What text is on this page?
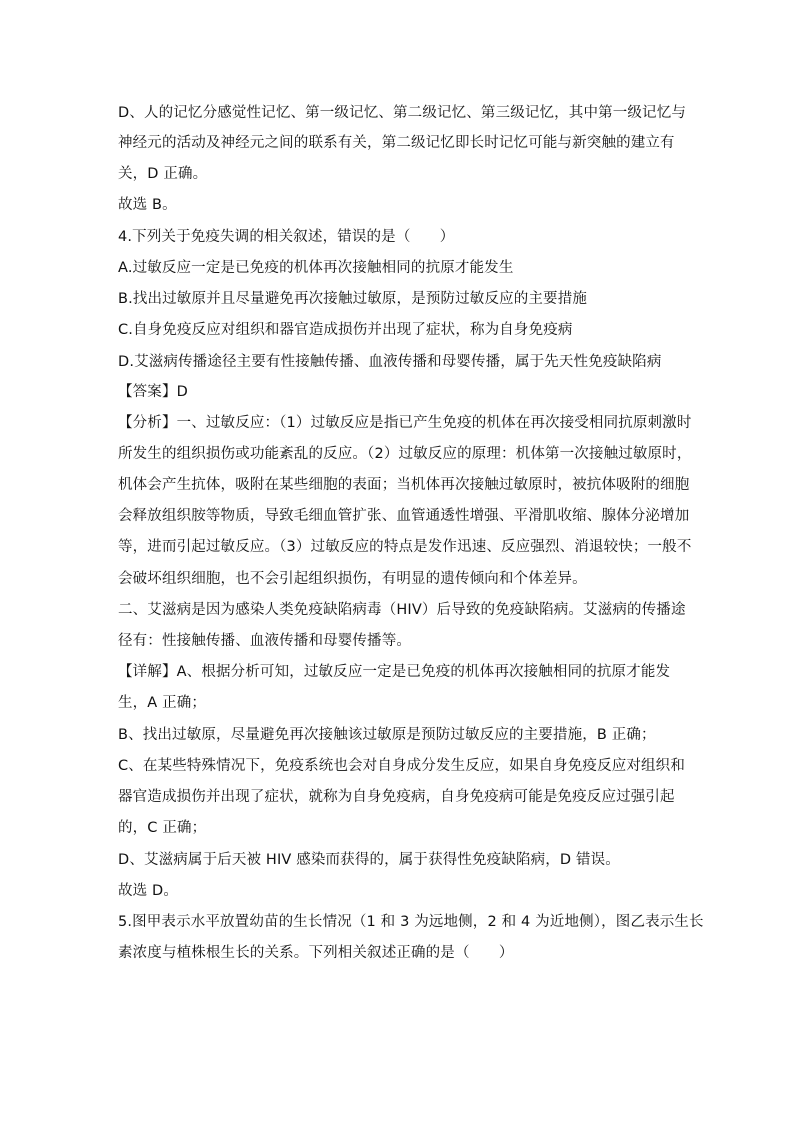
D、人的记忆分感觉性记忆、第一级记忆、第二级记忆、第三级记忆，其中第一级记忆与
神经元的活动及神经元之间的联系有关，第二级记忆即长时记忆可能与新突触的建立有
关，D 正确。
故选 B。
4.下列关于免疫失调的相关叙述，错误的是（　　）
A.过敏反应一定是已免疫的机体再次接触相同的抗原才能发生
B.找出过敏原并且尽量避免再次接触过敏原，是预防过敏反应的主要措施
C.自身免疫反应对组织和器官造成损伤并出现了症状，称为自身免疫病
D.艾滋病传播途径主要有性接触传播、血液传播和母婴传播，属于先天性免疫缺陷病
【答案】D
【分析】一、过敏反应：（1）过敏反应是指已产生免疫的机体在再次接受相同抗原刺激时
所发生的组织损伤或功能紊乱的反应。（2）过敏反应的原理：机体第一次接触过敏原时，
机体会产生抗体，吸附在某些细胞的表面；当机体再次接触过敏原时，被抗体吸附的细胞
会释放组织胺等物质，导致毛细血管扩张、血管通透性增强、平滑肌收缩、腺体分泌增加
等，进而引起过敏反应。（3）过敏反应的特点是发作迅速、反应强烈、消退较快；一般不
会破坏组织细胞，也不会引起组织损伤，有明显的遗传倾向和个体差异。
二、艾滋病是因为感染人类免疫缺陷病毒（HIV）后导致的免疫缺陷病。艾滋病的传播途
径有：性接触传播、血液传播和母婴传播等。
【详解】A、根据分析可知，过敏反应一定是已免疫的机体再次接触相同的抗原才能发
生，A 正确；
B、找出过敏原，尽量避免再次接触该过敏原是预防过敏反应的主要措施，B 正确；
C、在某些特殊情况下，免疫系统也会对自身成分发生反应，如果自身免疫反应对组织和
器官造成损伤并出现了症状，就称为自身免疫病，自身免疫病可能是免疫反应过强引起
的，C 正确；
D、艾滋病属于后天被 HIV 感染而获得的，属于获得性免疫缺陷病，D 错误。
故选 D。
5.图甲表示水平放置幼苗的生长情况（1 和 3 为远地侧，2 和 4 为近地侧），图乙表示生长
素浓度与植株根生长的关系。下列相关叙述正确的是（　　）
